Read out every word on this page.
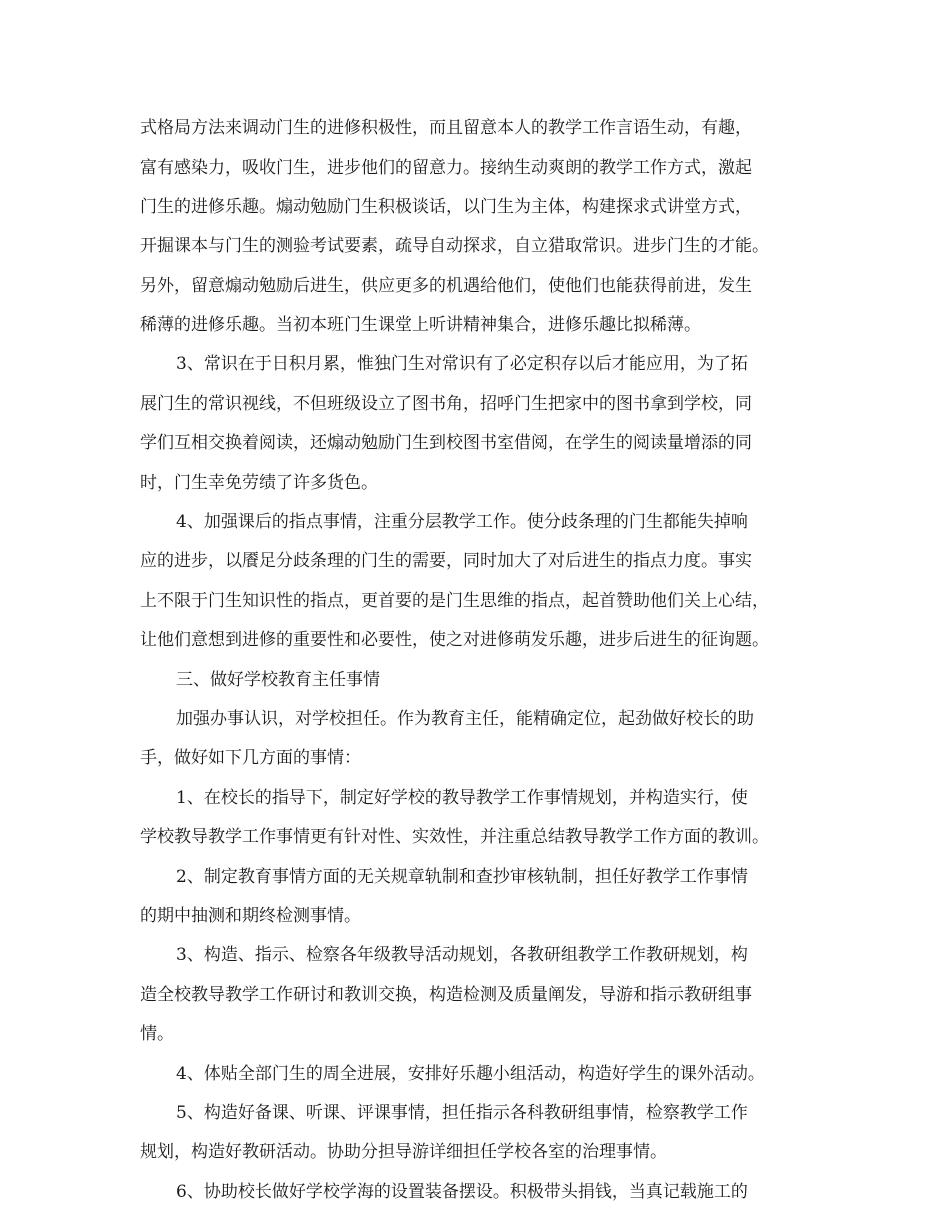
式格局方法来调动门生的进修积极性，而且留意本人的教学工作言语生动，有趣，
富有感染力，吸收门生，进步他们的留意力。接纳生动爽朗的教学工作方式，激起
门生的进修乐趣。煽动勉励门生积极谈话，以门生为主体，构建探求式讲堂方式，
开掘课本与门生的测验考试要素，疏导自动探求，自立猎取常识。进步门生的才能。
另外，留意煽动勉励后进生，供应更多的机遇给他们，使他们也能获得前进，发生
稀薄的进修乐趣。当初本班门生课堂上听讲精神集合，进修乐趣比拟稀薄。
3、常识在于日积月累，惟独门生对常识有了必定积存以后才能应用，为了拓
展门生的常识视线，不但班级设立了图书角，招呼门生把家中的图书拿到学校，同
学们互相交换着阅读，还煽动勉励门生到校图书室借阅，在学生的阅读量增添的同
时，门生幸免劳绩了许多货色。
4、加强课后的指点事情，注重分层教学工作。使分歧条理的门生都能失掉响
应的进步，以餍足分歧条理的门生的需要，同时加大了对后进生的指点力度。事实
上不限于门生知识性的指点，更首要的是门生思维的指点，起首赞助他们关上心结，
让他们意想到进修的重要性和必要性，使之对进修萌发乐趣，进步后进生的征询题。
三、做好学校教育主任事情
加强办事认识，对学校担任。作为教育主任，能精确定位，起劲做好校长的助
手，做好如下几方面的事情：
1、在校长的指导下，制定好学校的教导教学工作事情规划，并构造实行，使
学校教导教学工作事情更有针对性、实效性，并注重总结教导教学工作方面的教训。
2、制定教育事情方面的无关规章轨制和查抄审核轨制，担任好教学工作事情
的期中抽测和期终检测事情。
3、构造、指示、检察各年级教导活动规划，各教研组教学工作教研规划，构
造全校教导教学工作研讨和教训交换，构造检测及质量阐发，导游和指示教研组事
情。
4、体贴全部门生的周全进展，安排好乐趣小组活动，构造好学生的课外活动。
5、构造好备课、听课、评课事情，担任指示各科教研组事情，检察教学工作
规划，构造好教研活动。协助分担导游详细担任学校各室的治理事情。
6、协助校长做好学校学海的设置装备摆设。积极带头捐钱，当真记载施工的
